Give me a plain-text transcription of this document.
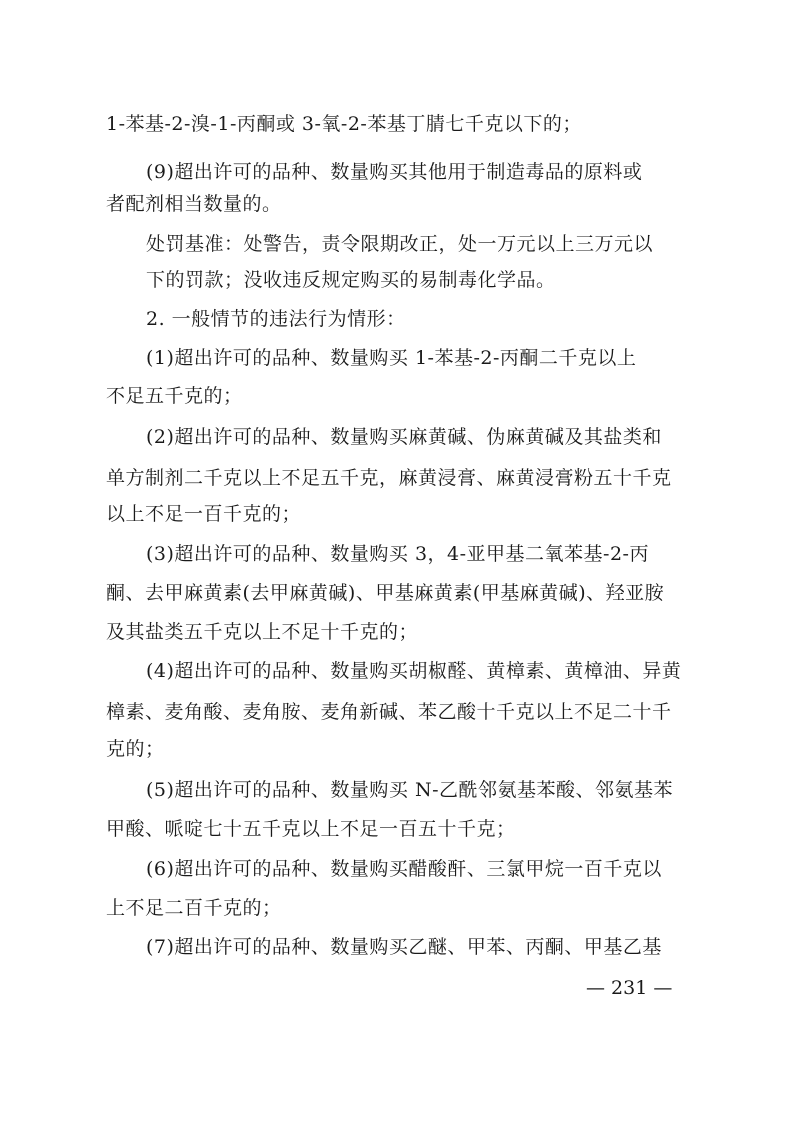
1-苯基-2-溴-1-丙酮或 3-氧-2-苯基丁腈七千克以下的；
(9)超出许可的品种、数量购买其他用于制造毒品的原料或
者配剂相当数量的。
处罚基准：处警告，责令限期改正，处一万元以上三万元以
下的罚款；没收违反规定购买的易制毒化学品。
2. 一般情节的违法行为情形：
(1)超出许可的品种、数量购买 1-苯基-2-丙酮二千克以上
不足五千克的；
(2)超出许可的品种、数量购买麻黄碱、伪麻黄碱及其盐类和
单方制剂二千克以上不足五千克，麻黄浸膏、麻黄浸膏粉五十千克
以上不足一百千克的；
(3)超出许可的品种、数量购买 3，4-亚甲基二氧苯基-2-丙
酮、去甲麻黄素(去甲麻黄碱)、甲基麻黄素(甲基麻黄碱)、羟亚胺
及其盐类五千克以上不足十千克的；
(4)超出许可的品种、数量购买胡椒醛、黄樟素、黄樟油、异黄
樟素、麦角酸、麦角胺、麦角新碱、苯乙酸十千克以上不足二十千
克的；
(5)超出许可的品种、数量购买 N-乙酰邻氨基苯酸、邻氨基苯
甲酸、哌啶七十五千克以上不足一百五十千克；
(6)超出许可的品种、数量购买醋酸酐、三氯甲烷一百千克以
上不足二百千克的；
(7)超出许可的品种、数量购买乙醚、甲苯、丙酮、甲基乙基
— 231 —
